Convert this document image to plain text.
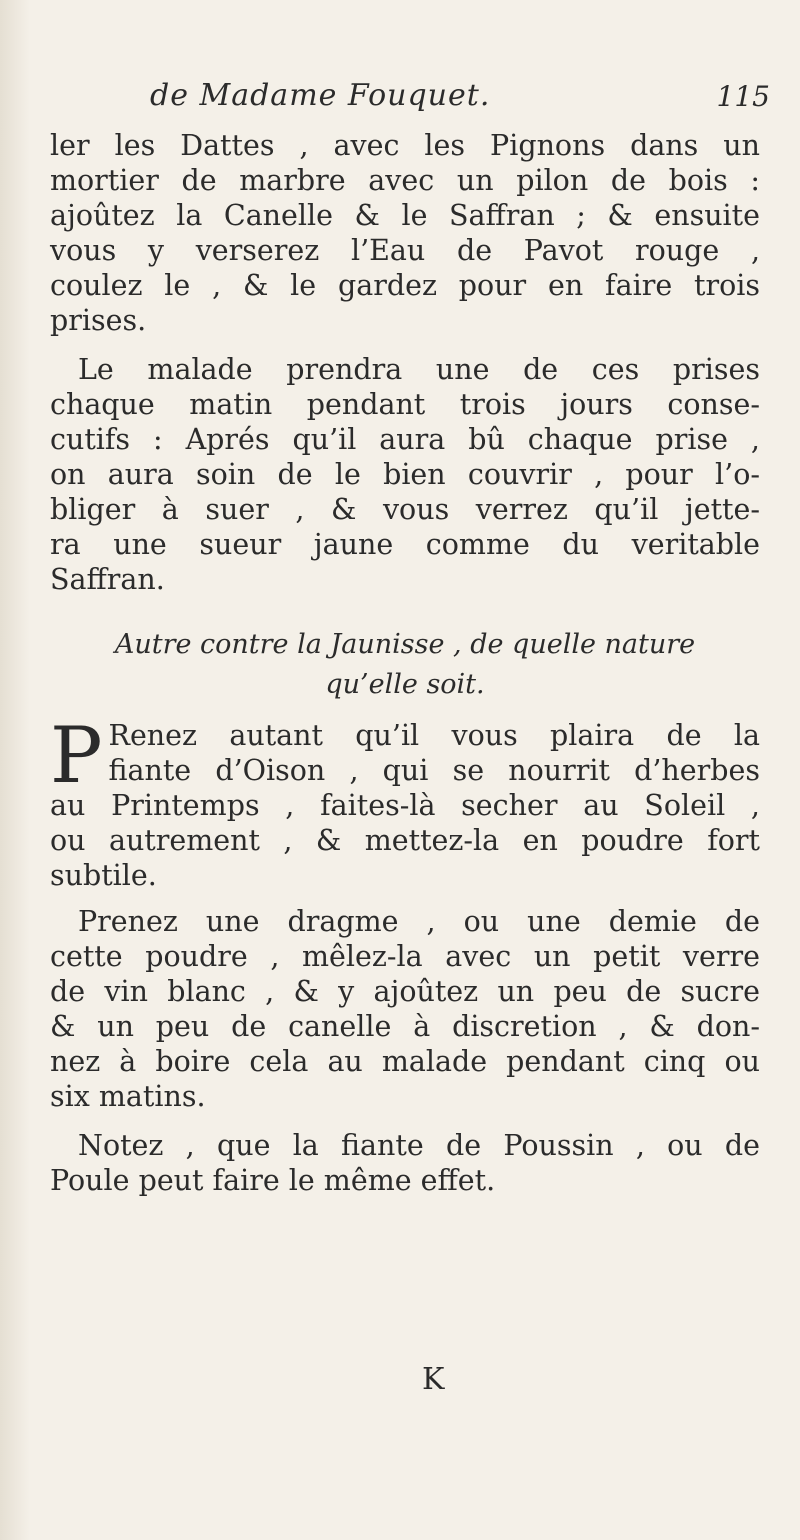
de Madame Fouquet.	115
ler les Dattes , avec les Pignons dans un
mortier de marbre avec un pilon de bois :
ajoûtez la Canelle & le Saffran ; & ensuite
vous y verserez l’Eau de Pavot rouge ,
coulez le , & le gardez pour en faire trois
prises.
Le malade prendra une de ces prises
chaque matin pendant trois jours conse-
cutifs : Aprés qu’il aura bû chaque prise ,
on aura soin de le bien couvrir , pour l’o-
bliger à suer , & vous verrez qu’il jette-
ra une sueur jaune comme du veritable
Saffran.
Autre contre la Jaunisse , de quelle nature
qu’elle soit.
P Renez autant qu’il vous plaira de la
fiante d’Oison , qui se nourrit d’herbes
au Printemps , faites-là secher au Soleil ,
ou autrement , & mettez-la en poudre fort
subtile.
Prenez une dragme , ou une demie de
cette poudre , mêlez-la avec un petit verre
de vin blanc , & y ajoûtez un peu de sucre
& un peu de canelle à discretion , & don-
nez à boire cela au malade pendant cinq ou
six matins.
Notez , que la fiante de Poussin , ou de
Poule peut faire le même effet.
K
